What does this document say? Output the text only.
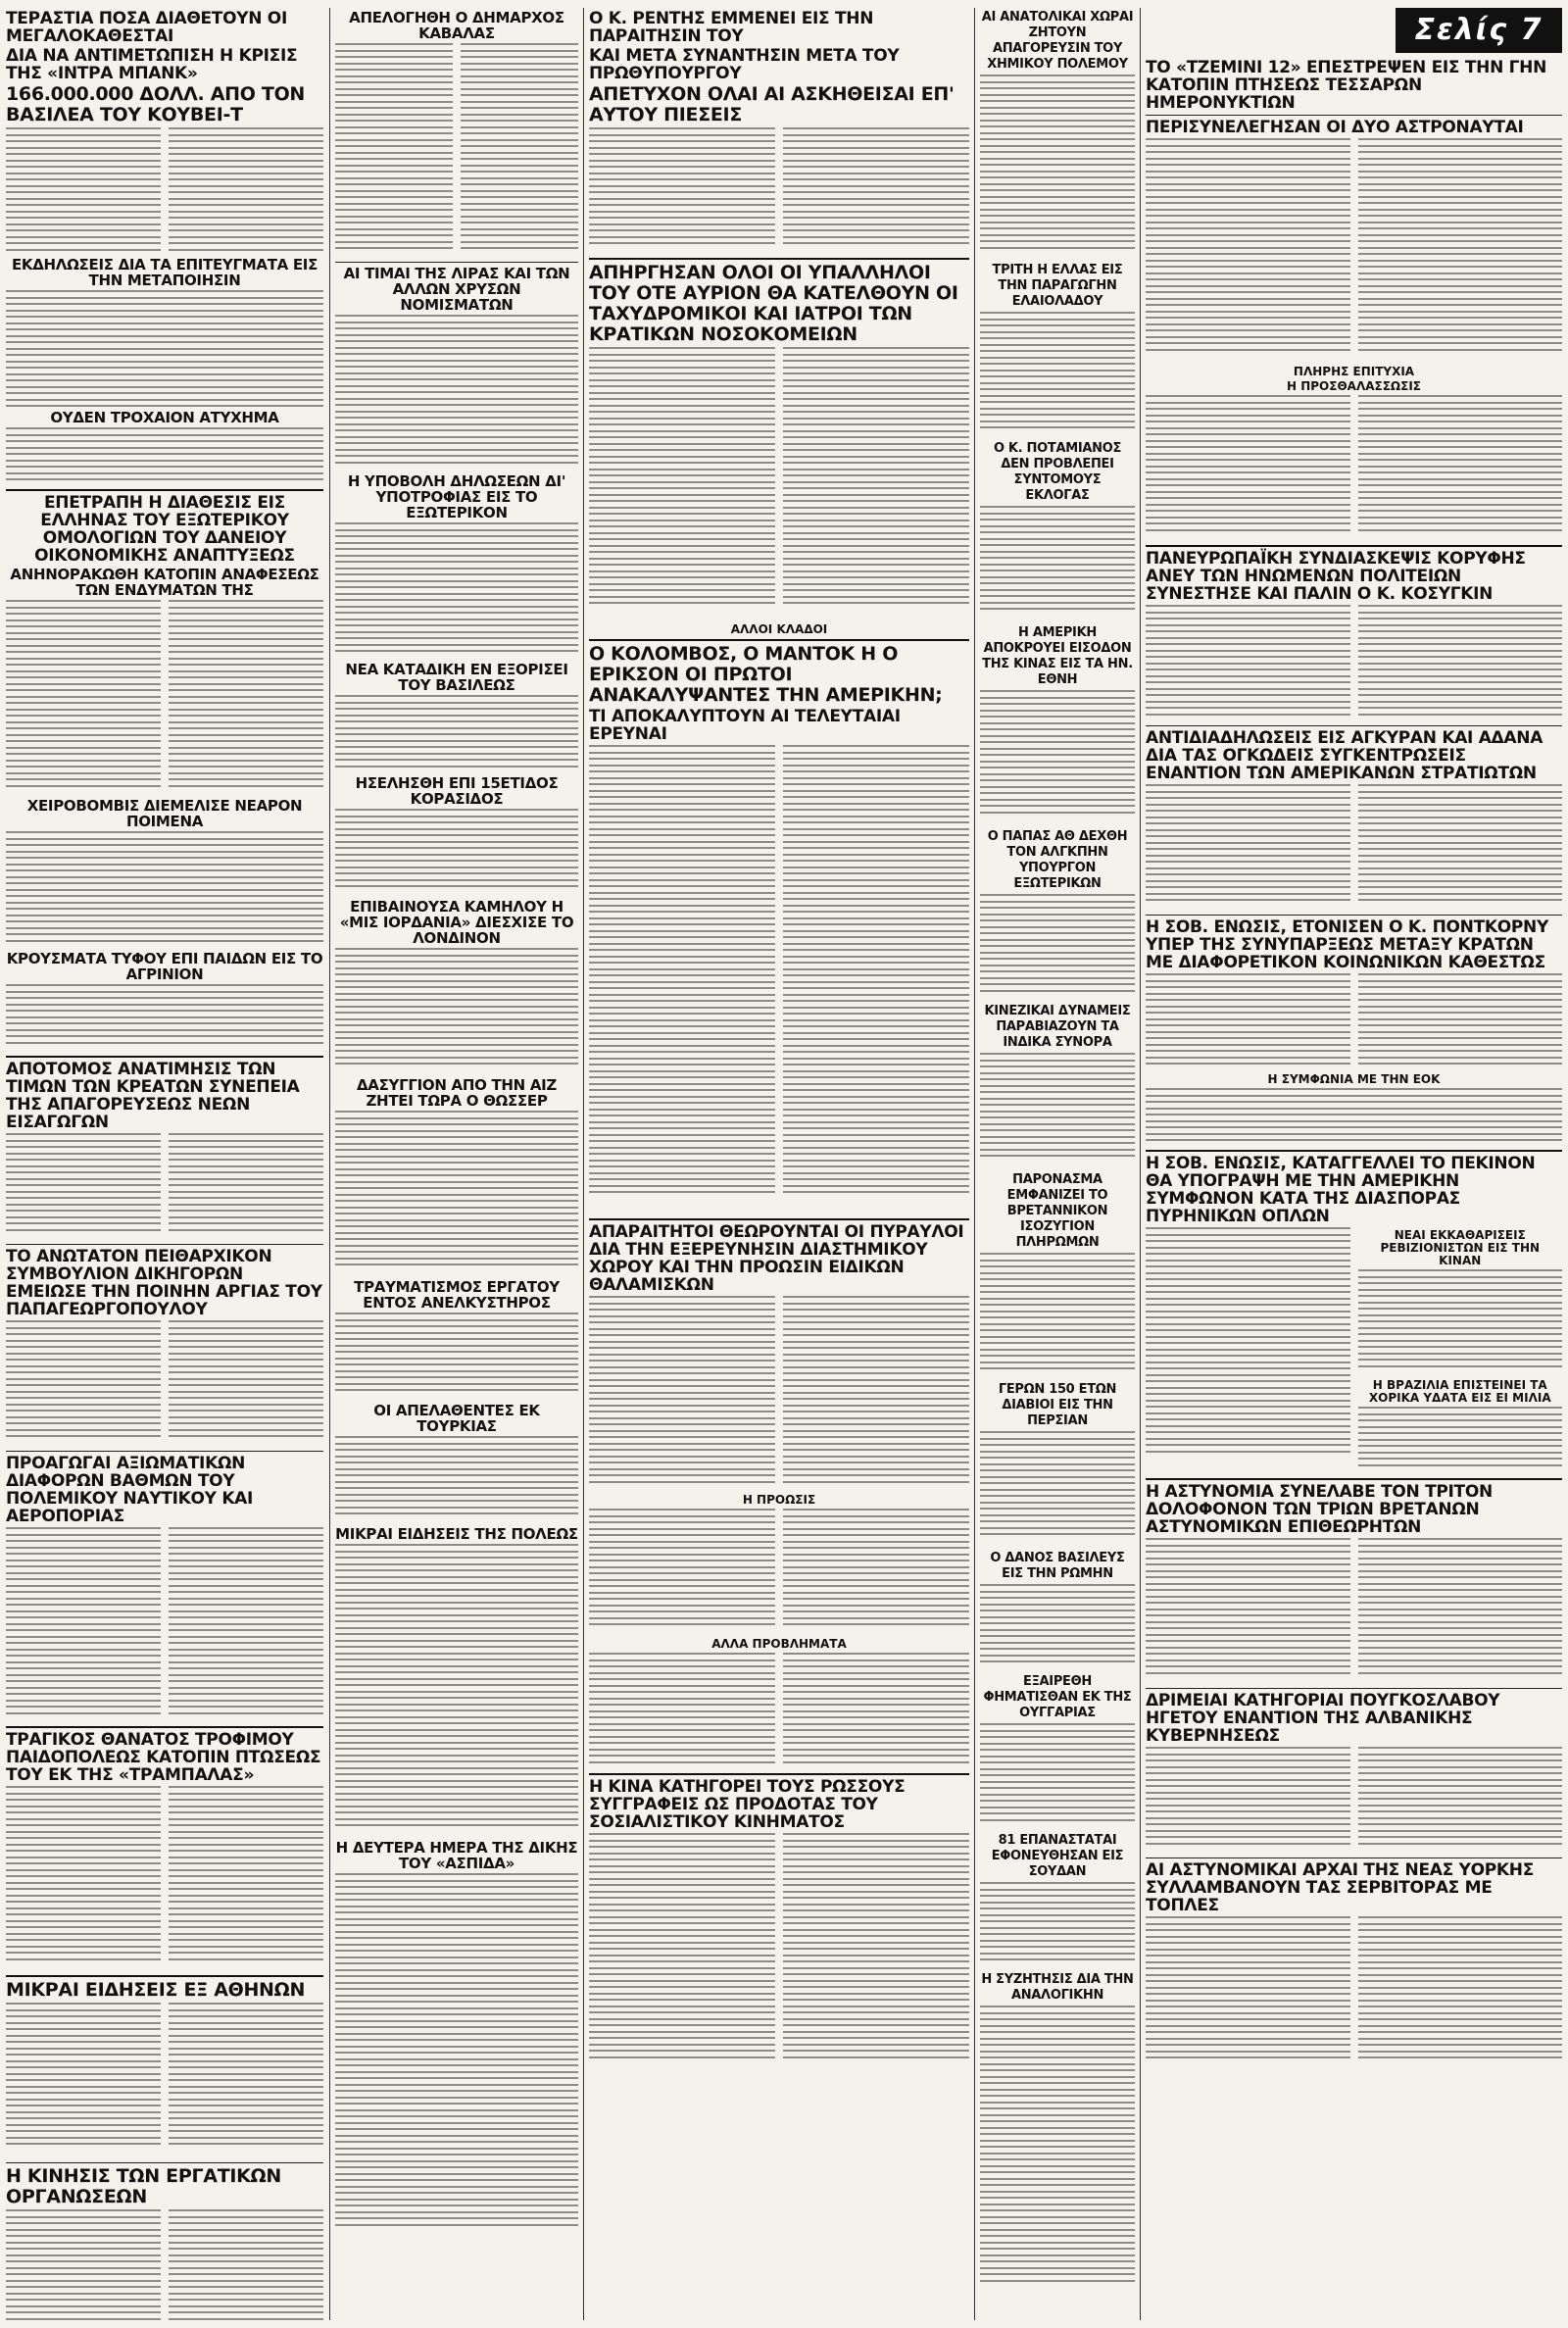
ΤΕΡΑΣΤΙΑ ΠΟΣΑ ΔΙΑΘΕΤΟΥΝ ΟΙ ΜΕΓΑΛΟΚΑΘΕΣΤΑΙ
ΔΙΑ ΝΑ ΑΝΤΙΜΕΤΩΠΙΣΗ Η ΚΡΙΣΙΣ ΤΗΣ «ΙΝΤΡΑ ΜΠΑΝΚ»
166.000.000 ΔΟΛΛ. ΑΠΟ ΤΟΝ ΒΑΣΙΛΕΑ ΤΟΥ ΚΟΥΒΕΙ-Τ
ΕΚΔΗΛΩΣΕΙΣ ΔΙΑ ΤΑ ΕΠΙΤΕΥΓΜΑΤΑ ΕΙΣ ΤΗΝ ΜΕΤΑΠΟΙΗΣΙΝ
ΟΥΔΕΝ ΤΡΟΧΑΙΟΝ ΑΤΥΧΗΜΑ
ΕΠΕΤΡΑΠΗ Η ΔΙΑΘΕΣΙΣ ΕΙΣ ΕΛΛΗΝΑΣ ΤΟΥ ΕΞΩΤΕΡΙΚΟΥ ΟΜΟΛΟΓΙΩΝ ΤΟΥ ΔΑΝΕΙΟΥ ΟΙΚΟΝΟΜΙΚΗΣ ΑΝΑΠΤΥΞΕΩΣ
ΑΝΗΝΟΡΑΚΩΘΗ ΚΑΤΟΠΙΝ ΑΝΑΦΕΣΕΩΣ ΤΩΝ ΕΝΔΥΜΑΤΩΝ ΤΗΣ
ΧΕΙΡΟΒΟΜΒΙΣ ΔΙΕΜΕΛΙΣΕ ΝΕΑΡΟΝ ΠΟΙΜΕΝΑ
ΚΡΟΥΣΜΑΤΑ ΤΥΦΟΥ ΕΠΙ ΠΑΙΔΩΝ ΕΙΣ ΤΟ ΑΓΡΙΝΙΟΝ
ΑΠΟΤΟΜΟΣ ΑΝΑΤΙΜΗΣΙΣ ΤΩΝ ΤΙΜΩΝ ΤΩΝ ΚΡΕΑΤΩΝ ΣΥΝΕΠΕΙΑ ΤΗΣ ΑΠΑΓΟΡΕΥΣΕΩΣ ΝΕΩΝ ΕΙΣΑΓΩΓΩΝ
ΤΟ ΑΝΩΤΑΤΟΝ ΠΕΙΘΑΡΧΙΚΟΝ ΣΥΜΒΟΥΛΙΟΝ ΔΙΚΗΓΟΡΩΝ ΕΜΕΙΩΣΕ ΤΗΝ ΠΟΙΝΗΝ ΑΡΓΙΑΣ ΤΟΥ ΠΑΠΑΓΕΩΡΓΟΠΟΥΛΟΥ
ΠΡΟΑΓΩΓΑΙ ΑΞΙΩΜΑΤΙΚΩΝ ΔΙΑΦΟΡΩΝ ΒΑΘΜΩΝ ΤΟΥ ΠΟΛΕΜΙΚΟΥ ΝΑΥΤΙΚΟΥ ΚΑΙ ΑΕΡΟΠΟΡΙΑΣ
ΤΡΑΓΙΚΟΣ ΘΑΝΑΤΟΣ ΤΡΟΦΙΜΟΥ ΠΑΙΔΟΠΟΛΕΩΣ ΚΑΤΟΠΙΝ ΠΤΩΣΕΩΣ ΤΟΥ ΕΚ ΤΗΣ «ΤΡΑΜΠΑΛΑΣ»
ΜΙΚΡΑΙ ΕΙΔΗΣΕΙΣ ΕΞ ΑΘΗΝΩΝ
Η ΚΙΝΗΣΙΣ ΤΩΝ ΕΡΓΑΤΙΚΩΝ ΟΡΓΑΝΩΣΕΩΝ
ΑΠΕΛΟΓΗΘΗ Ο ΔΗΜΑΡΧΟΣ ΚΑΒΑΛΑΣ
ΑΙ ΤΙΜΑΙ ΤΗΣ ΛΙΡΑΣ ΚΑΙ ΤΩΝ ΑΛΛΩΝ ΧΡΥΣΩΝ ΝΟΜΙΣΜΑΤΩΝ
Η ΥΠΟΒΟΛΗ ΔΗΛΩΣΕΩΝ ΔΙ' ΥΠΟΤΡΟΦΙΑΣ ΕΙΣ ΤΟ ΕΞΩΤΕΡΙΚΟΝ
ΝΕΑ ΚΑΤΑΔΙΚΗ ΕΝ ΕΞΟΡΙΣΕΙ ΤΟΥ ΒΑΣΙΛΕΩΣ
ΗΣΕΛΗΣΘΗ ΕΠΙ 15ΕΤΙΔΟΣ ΚΟΡΑΣΙΔΟΣ
ΕΠΙΒΑΙΝΟΥΣΑ ΚΑΜΗΛΟΥ Η «ΜΙΣ ΙΟΡΔΑΝΙΑ» ΔΙΕΣΧΙΣΕ ΤΟ ΛΟΝΔΙΝΟΝ
ΔΑΣΥΓΓΙΟΝ ΑΠΟ ΤΗΝ ΑΙΖ ΖΗΤΕΙ ΤΩΡΑ Ο ΘΩΣΣΕΡ
ΤΡΑΥΜΑΤΙΣΜΟΣ ΕΡΓΑΤΟΥ ΕΝΤΟΣ ΑΝΕΛΚΥΣΤΗΡΟΣ
ΟΙ ΑΠΕΛΑΘΕΝΤΕΣ ΕΚ ΤΟΥΡΚΙΑΣ
ΜΙΚΡΑΙ ΕΙΔΗΣΕΙΣ ΤΗΣ ΠΟΛΕΩΣ
Η ΔΕΥΤΕΡΑ ΗΜΕΡΑ ΤΗΣ ΔΙΚΗΣ ΤΟΥ «ΑΣΠΙΔΑ»
Ο Κ. ΡΕΝΤΗΣ ΕΜΜΕΝΕΙ ΕΙΣ ΤΗΝ ΠΑΡΑΙΤΗΣΙΝ ΤΟΥ
ΚΑΙ ΜΕΤΑ ΣΥΝΑΝΤΗΣΙΝ ΜΕΤΑ ΤΟΥ ΠΡΩΘΥΠΟΥΡΓΟΥ
ΑΠΕΤΥΧΟΝ ΟΛΑΙ ΑΙ ΑΣΚΗΘΕΙΣΑΙ ΕΠ' ΑΥΤΟΥ ΠΙΕΣΕΙΣ
ΑΠΗΡΓΗΣΑΝ ΟΛΟΙ ΟΙ ΥΠΑΛΛΗΛΟΙ ΤΟΥ ΟΤΕ ΑΥΡΙΟΝ ΘΑ ΚΑΤΕΛΘΟΥΝ ΟΙ ΤΑΧΥΔΡΟΜΙΚΟΙ ΚΑΙ ΙΑΤΡΟΙ ΤΩΝ ΚΡΑΤΙΚΩΝ ΝΟΣΟΚΟΜΕΙΩΝ
ΑΛΛΟΙ ΚΛΑΔΟΙ
Ο ΚΟΛΟΜΒΟΣ, Ο ΜΑΝΤΟΚ Η Ο ΕΡΙΚΣΟΝ ΟΙ ΠΡΩΤΟΙ ΑΝΑΚΑΛΥΨΑΝΤΕΣ ΤΗΝ ΑΜΕΡΙΚΗΝ;
ΤΙ ΑΠΟΚΑΛΥΠΤΟΥΝ ΑΙ ΤΕΛΕΥΤΑΙΑΙ ΕΡΕΥΝΑΙ
ΑΠΑΡΑΙΤΗΤΟΙ ΘΕΩΡΟΥΝΤΑΙ ΟΙ ΠΥΡΑΥΛΟΙ ΔΙΑ ΤΗΝ ΕΞΕΡΕΥΝΗΣΙΝ ΔΙΑΣΤΗΜΙΚΟΥ ΧΩΡΟΥ ΚΑΙ ΤΗΝ ΠΡΟΩΣΙΝ ΕΙΔΙΚΩΝ ΘΑΛΑΜΙΣΚΩΝ
Η ΠΡΟΩΣΙΣ
ΑΛΛΑ ΠΡΟΒΛΗΜΑΤΑ
Η ΚΙΝΑ ΚΑΤΗΓΟΡΕΙ ΤΟΥΣ ΡΩΣΣΟΥΣ ΣΥΓΓΡΑΦΕΙΣ ΩΣ ΠΡΟΔΟΤΑΣ ΤΟΥ ΣΟΣΙΑΛΙΣΤΙΚΟΥ ΚΙΝΗΜΑΤΟΣ
ΑΙ ΑΝΑΤΟΛΙΚΑΙ ΧΩΡΑΙ ΖΗΤΟΥΝ ΑΠΑΓΟΡΕΥΣΙΝ ΤΟΥ ΧΗΜΙΚΟΥ ΠΟΛΕΜΟΥ
ΤΡΙΤΗ Η ΕΛΛΑΣ ΕΙΣ ΤΗΝ ΠΑΡΑΓΩΓΗΝ ΕΛΑΙΟΛΑΔΟΥ
Ο Κ. ΠΟΤΑΜΙΑΝΟΣ ΔΕΝ ΠΡΟΒΛΕΠΕΙ ΣΥΝΤΟΜΟΥΣ ΕΚΛΟΓΑΣ
Η ΑΜΕΡΙΚΗ ΑΠΟΚΡΟΥΕΙ ΕΙΣΟΔΟΝ ΤΗΣ ΚΙΝΑΣ ΕΙΣ ΤΑ ΗΝ. ΕΘΝΗ
Ο ΠΑΠΑΣ ΑΘ ΔΕΧΘΗ ΤΟΝ ΑΛΓΚΠΗΝ ΥΠΟΥΡΓΟΝ ΕΞΩΤΕΡΙΚΩΝ
ΚΙΝΕΖΙΚΑΙ ΔΥΝΑΜΕΙΣ ΠΑΡΑΒΙΑΖΟΥΝ ΤΑ ΙΝΔΙΚΑ ΣΥΝΟΡΑ
ΠΑΡΟΝΑΣΜΑ ΕΜΦΑΝΙΖΕΙ ΤΟ ΒΡΕΤΑΝΝΙΚΟΝ ΙΣΟΖΥΓΙΟΝ ΠΛΗΡΩΜΩΝ
ΓΕΡΩΝ 150 ΕΤΩΝ ΔΙΑΒΙΟΙ ΕΙΣ ΤΗΝ ΠΕΡΣΙΑΝ
Ο ΔΑΝΟΣ ΒΑΣΙΛΕΥΣ ΕΙΣ ΤΗΝ ΡΩΜΗΝ
ΕΞΑΙΡΕΘΗ ΦΗΜΑΤΙΣΘΑΝ ΕΚ ΤΗΣ ΟΥΓΓΑΡΙΑΣ
81 ΕΠΑΝΑΣΤΑΤΑΙ ΕΦΟΝΕΥΘΗΣΑΝ ΕΙΣ ΣΟΥΔΑΝ
Η ΣΥΖΗΤΗΣΙΣ ΔΙΑ ΤΗΝ ΑΝΑΛΟΓΙΚΗΝ
Σελίς 7
ΤΟ «ΤΖΕΜΙΝΙ 12» ΕΠΕΣΤΡΕΨΕΝ ΕΙΣ ΤΗΝ ΓΗΝ ΚΑΤΟΠΙΝ ΠΤΗΣΕΩΣ ΤΕΣΣΑΡΩΝ ΗΜΕΡΟΝΥΚΤΙΩΝ
ΠΕΡΙΣΥΝΕΛΕΓΗΣΑΝ ΟΙ ΔΥΟ ΑΣΤΡΟΝΑΥΤΑΙ
ΠΛΗΡΗΣ ΕΠΙΤΥΧΙΑ
Η ΠΡΟΣΘΑΛΑΣΣΩΣΙΣ
ΠΑΝΕΥΡΩΠΑΪΚΗ ΣΥΝΔΙΑΣΚΕΨΙΣ ΚΟΡΥΦΗΣ ΑΝΕΥ ΤΩΝ ΗΝΩΜΕΝΩΝ ΠΟΛΙΤΕΙΩΝ ΣΥΝΕΣΤΗΣΕ ΚΑΙ ΠΑΛΙΝ Ο Κ. ΚΟΣΥΓΚΙΝ
ΑΝΤΙΔΙΑΔΗΛΩΣΕΙΣ ΕΙΣ ΑΓΚΥΡΑΝ ΚΑΙ ΑΔΑΝΑ ΔΙΑ ΤΑΣ ΟΓΚΩΔΕΙΣ ΣΥΓΚΕΝΤΡΩΣΕΙΣ ΕΝΑΝΤΙΟΝ ΤΩΝ ΑΜΕΡΙΚΑΝΩΝ ΣΤΡΑΤΙΩΤΩΝ
Η ΣΟΒ. ΕΝΩΣΙΣ, ΕΤΟΝΙΣΕΝ Ο Κ. ΠΟΝΤΚΟΡΝΥ ΥΠΕΡ ΤΗΣ ΣΥΝΥΠΑΡΞΕΩΣ ΜΕΤΑΞΥ ΚΡΑΤΩΝ ΜΕ ΔΙΑΦΟΡΕΤΙΚΟΝ ΚΟΙΝΩΝΙΚΩΝ ΚΑΘΕΣΤΩΣ
Η ΣΥΜΦΩΝΙΑ ΜΕ ΤΗΝ ΕΟΚ
Η ΣΟΒ. ΕΝΩΣΙΣ, ΚΑΤΑΓΓΕΛΛΕΙ ΤΟ ΠΕΚΙΝΟΝ ΘΑ ΥΠΟΓΡΑΨΗ ΜΕ ΤΗΝ ΑΜΕΡΙΚΗΝ ΣΥΜΦΩΝΟΝ ΚΑΤΑ ΤΗΣ ΔΙΑΣΠΟΡΑΣ ΠΥΡΗΝΙΚΩΝ ΟΠΛΩΝ
ΝΕΑΙ ΕΚΚΑΘΑΡΙΣΕΙΣ ΡΕΒΙΖΙΟΝΙΣΤΩΝ ΕΙΣ ΤΗΝ ΚΙΝΑΝ
Η ΒΡΑΖΙΛΙΑ ΕΠΙΣΤΕΙΝΕΙ ΤΑ ΧΟΡΙΚΑ ΥΔΑΤΑ ΕΙΣ ΕΙ ΜΙΛΙΑ
Η ΑΣΤΥΝΟΜΙΑ ΣΥΝΕΛΑΒΕ ΤΟΝ ΤΡΙΤΟΝ ΔΟΛΟΦΟΝΟΝ ΤΩΝ ΤΡΙΩΝ ΒΡΕΤΑΝΩΝ ΑΣΤΥΝΟΜΙΚΩΝ ΕΠΙΘΕΩΡΗΤΩΝ
ΔΡΙΜΕΙΑΙ ΚΑΤΗΓΟΡΙΑΙ ΠΟΥΓΚΟΣΛΑΒΟΥ ΗΓΕΤΟΥ ΕΝΑΝΤΙΟΝ ΤΗΣ ΑΛΒΑΝΙΚΗΣ ΚΥΒΕΡΝΗΣΕΩΣ
ΑΙ ΑΣΤΥΝΟΜΙΚΑΙ ΑΡΧΑΙ ΤΗΣ ΝΕΑΣ ΥΟΡΚΗΣ ΣΥΛΛΑΜΒΑΝΟΥΝ ΤΑΣ ΣΕΡΒΙΤΟΡΑΣ ΜΕ ΤΟΠΛΕΣ
